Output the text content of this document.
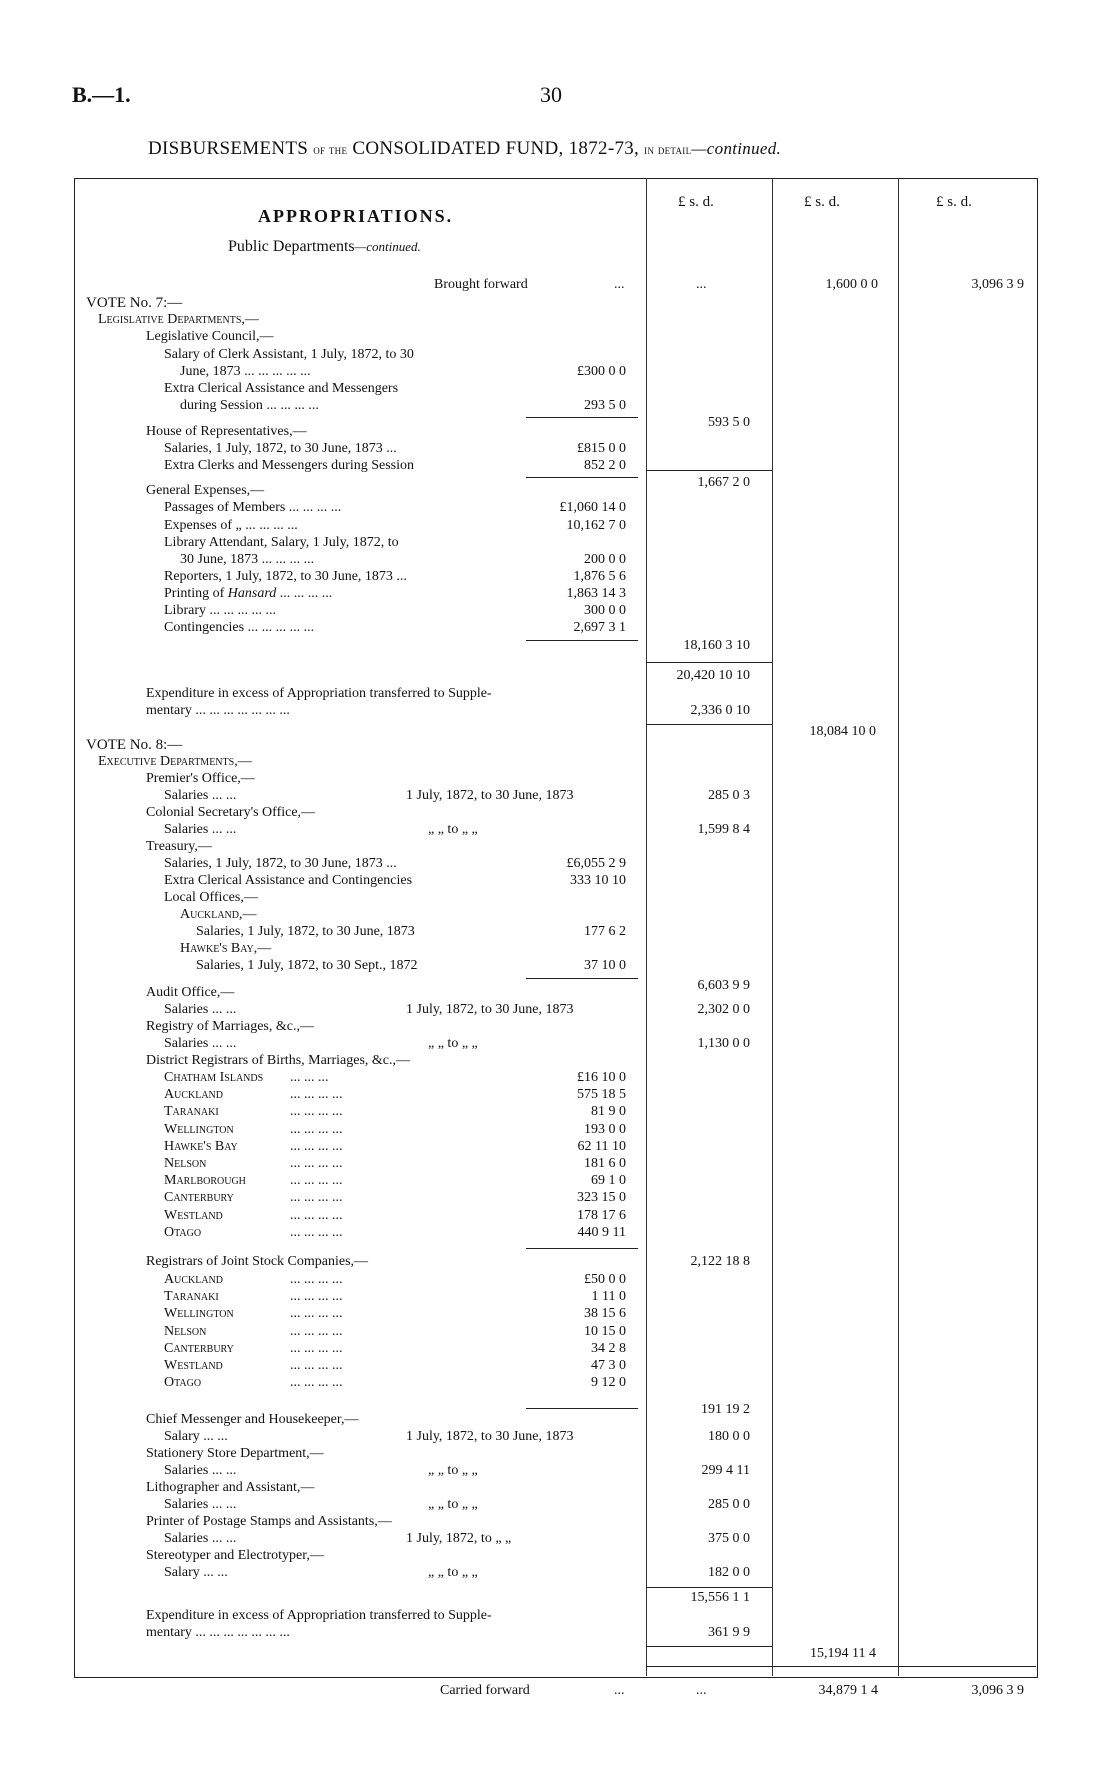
B.—1.	30
DISBURSEMENTS of the CONSOLIDATED FUND, 1872-73, in detail—continued.
APPROPRIATIONS.
Public Departments—continued.
£ s. d.	£ s. d.	£ s. d.
Brought forward	...	...	1,600 0 0	3,096 3 9
VOTE No. 7:—
Legislative Departments,—
Legislative Council,—
Salary of Clerk Assistant, 1 July, 1872, to 30
June, 1873 ... ... ... ... ...	£300 0 0
Extra Clerical Assistance and Messengers
during Session ... ... ... ...	293 5 0
593 5 0
House of Representatives,—
Salaries, 1 July, 1872, to 30 June, 1873 ...	£815 0 0
Extra Clerks and Messengers during Session	852 2 0
1,667 2 0
General Expenses,—
Passages of Members ... ... ... ...	£1,060 14 0
Expenses of „ ... ... ... ...	10,162 7 0
Library Attendant, Salary, 1 July, 1872, to
30 June, 1873 ... ... ... ...	200 0 0
Reporters, 1 July, 1872, to 30 June, 1873 ...	1,876 5 6
Printing of Hansard ... ... ... ...	1,863 14 3
Library ... ... ... ... ...	300 0 0
Contingencies ... ... ... ... ...	2,697 3 1
18,160 3 10
20,420 10 10
Expenditure in excess of Appropriation transferred to Supple-
mentary ... ... ... ... ... ... ...	2,336 0 10
18,084 10 0
VOTE No. 8:—
Executive Departments,—
Premier's Office,—
Salaries ... ...	1 July, 1872, to 30 June, 1873	285 0 3
Colonial Secretary's Office,—
Salaries ... ...	„ „ to „ „	1,599 8 4
Treasury,—
Salaries, 1 July, 1872, to 30 June, 1873 ...	£6,055 2 9
Extra Clerical Assistance and Contingencies	333 10 10
Local Offices,—
Auckland,—
Salaries, 1 July, 1872, to 30 June, 1873	177 6 2
Hawke's Bay,—
Salaries, 1 July, 1872, to 30 Sept., 1872	37 10 0
6,603 9 9
Audit Office,—
Salaries ... ...	1 July, 1872, to 30 June, 1873	2,302 0 0
Registry of Marriages, &c.,—
Salaries ... ...	„ „ to „ „	1,130 0 0
District Registrars of Births, Marriages, &c.,—
Chatham Islands ... ... ...	£16 10 0
Auckland	... ... ... ...	575 18 5
Taranaki	... ... ... ...	81 9 0
Wellington	... ... ... ...	193 0 0
Hawke's Bay	... ... ... ...	62 11 10
Nelson	... ... ... ...	181 6 0
Marlborough	... ... ... ...	69 1 0
Canterbury	... ... ... ...	323 15 0
Westland	... ... ... ...	178 17 6
Otago	... ... ... ...	440 9 11
Registrars of Joint Stock Companies,—	2,122 18 8
Auckland	... ... ... ...	£50 0 0
Taranaki	... ... ... ...	1 11 0
Wellington	... ... ... ...	38 15 6
Nelson	... ... ... ...	10 15 0
Canterbury	... ... ... ...	34 2 8
Westland	... ... ... ...	47 3 0
Otago	... ... ... ...	9 12 0
191 19 2
Chief Messenger and Housekeeper,—
Salary ... ...	1 July, 1872, to 30 June, 1873	180 0 0
Stationery Store Department,—
Salaries ... ...	„ „ to „ „	299 4 11
Lithographer and Assistant,—
Salaries ... ...	„ „ to „ „	285 0 0
Printer of Postage Stamps and Assistants,—
Salaries ... ...	1 July, 1872, to „ „	375 0 0
Stereotyper and Electrotyper,—
Salary ... ...	„ „ to „ „	182 0 0
15,556 1 1
Expenditure in excess of Appropriation transferred to Supple-
mentary ... ... ... ... ... ... ...	361 9 9
15,194 11 4
Carried forward	...	...	34,879 1 4	3,096 3 9
